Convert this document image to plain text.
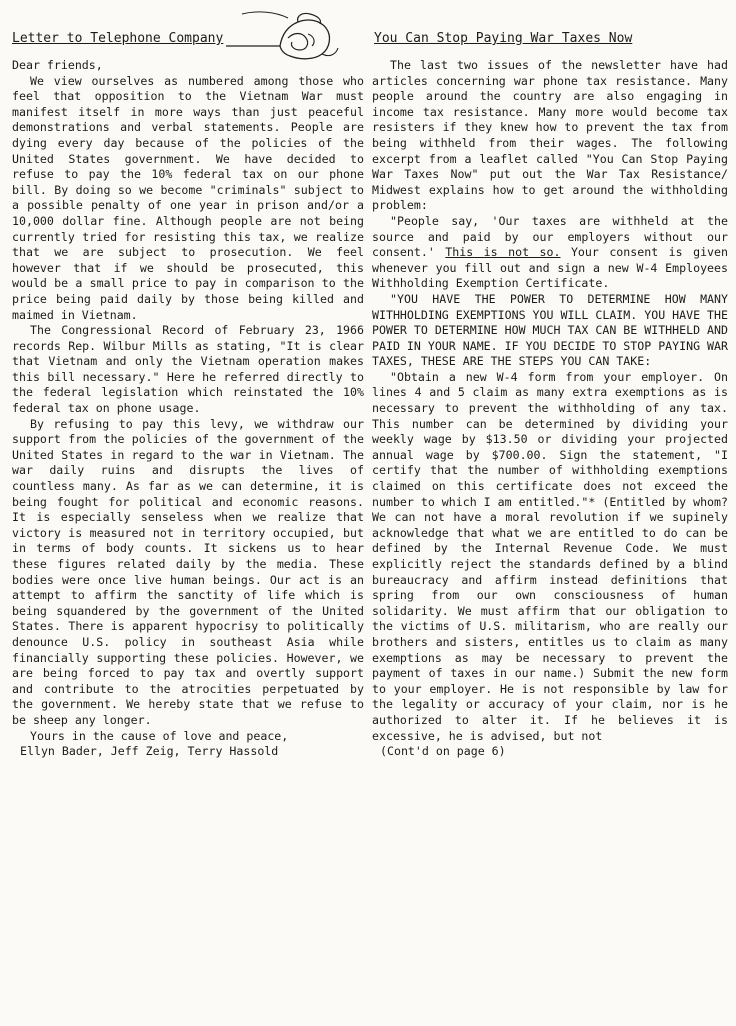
Letter to Telephone Company

Dear friends,

We view ourselves as numbered among those who feel that opposition to the Vietnam War must manifest itself in more ways than just peaceful demonstrations and verbal statements. People are dying every day because of the policies of the United States government. We have decided to refuse to pay the 10% federal tax on our phone bill. By doing so we become "criminals" subject to a possible penalty of one year in prison and/or a 10,000 dollar fine. Although people are not being currently tried for resisting this tax, we realize that we are subject to prosecution. We feel however that if we should be prosecuted, this would be a small price to pay in comparison to the price being paid daily by those being killed and maimed in Vietnam.

The Congressional Record of February 23, 1966 records Rep. Wilbur Mills as stating, "It is clear that Vietnam and only the Vietnam operation makes this bill necessary." Here he referred directly to the federal legislation which reinstated the 10% federal tax on phone usage.

By refusing to pay this levy, we withdraw our support from the policies of the government of the United States in regard to the war in Vietnam. The war daily ruins and disrupts the lives of countless many. As far as we can determine, it is being fought for political and economic reasons. It is especially senseless when we realize that victory is measured not in territory occupied, but in terms of body counts. It sickens us to hear these figures related daily by the media. These bodies were once live human beings. Our act is an attempt to affirm the sanctity of life which is being squandered by the government of the United States. There is apparent hypocrisy to politically denounce U.S. policy in southeast Asia while financially supporting these policies. However, we are being forced to pay tax and overtly support and contribute to the atrocities perpetuated by the government. We hereby state that we refuse to be sheep any longer.

Yours in the cause of love and peace,

Ellyn Bader, Jeff Zeig, Terry Hassold

You Can Stop Paying War Taxes Now

The last two issues of the newsletter have had articles concerning war phone tax resistance. Many people around the country are also engaging in income tax resistance. Many more would become tax resisters if they knew how to prevent the tax from being withheld from their wages. The following excerpt from a leaflet called "You Can Stop Paying War Taxes Now" put out the War Tax Resistance/ Midwest explains how to get around the withholding problem:

"People say, 'Our taxes are withheld at the source and paid by our employers without our consent.' This is not so. Your consent is given whenever you fill out and sign a new W-4 Employees Withholding Exemption Certificate.

"YOU HAVE THE POWER TO DETERMINE HOW MANY WITHHOLDING EXEMPTIONS YOU WILL CLAIM. YOU HAVE THE POWER TO DETERMINE HOW MUCH TAX CAN BE WITHHELD AND PAID IN YOUR NAME. IF YOU DECIDE TO STOP PAYING WAR TAXES, THESE ARE THE STEPS YOU CAN TAKE:

"Obtain a new W-4 form from your employer. On lines 4 and 5 claim as many extra exemptions as is necessary to prevent the withholding of any tax. This number can be determined by dividing your weekly wage by $13.50 or dividing your projected annual wage by $700.00. Sign the statement, "I certify that the number of withholding exemptions claimed on this certificate does not exceed the number to which I am entitled."* (Entitled by whom? We can not have a moral revolution if we supinely acknowledge that what we are entitled to do can be defined by the Internal Revenue Code. We must explicitly reject the standards defined by a blind bureaucracy and affirm instead definitions that spring from our own consciousness of human solidarity. We must affirm that our obligation to the victims of U.S. militarism, who are really our brothers and sisters, entitles us to claim as many exemptions as may be necessary to prevent the payment of taxes in our name.) Submit the new form to your employer. He is not responsible by law for the legality or accuracy of your claim, nor is he authorized to alter it. If he believes it is excessive, he is advised, but not

(Cont'd on page 6)
